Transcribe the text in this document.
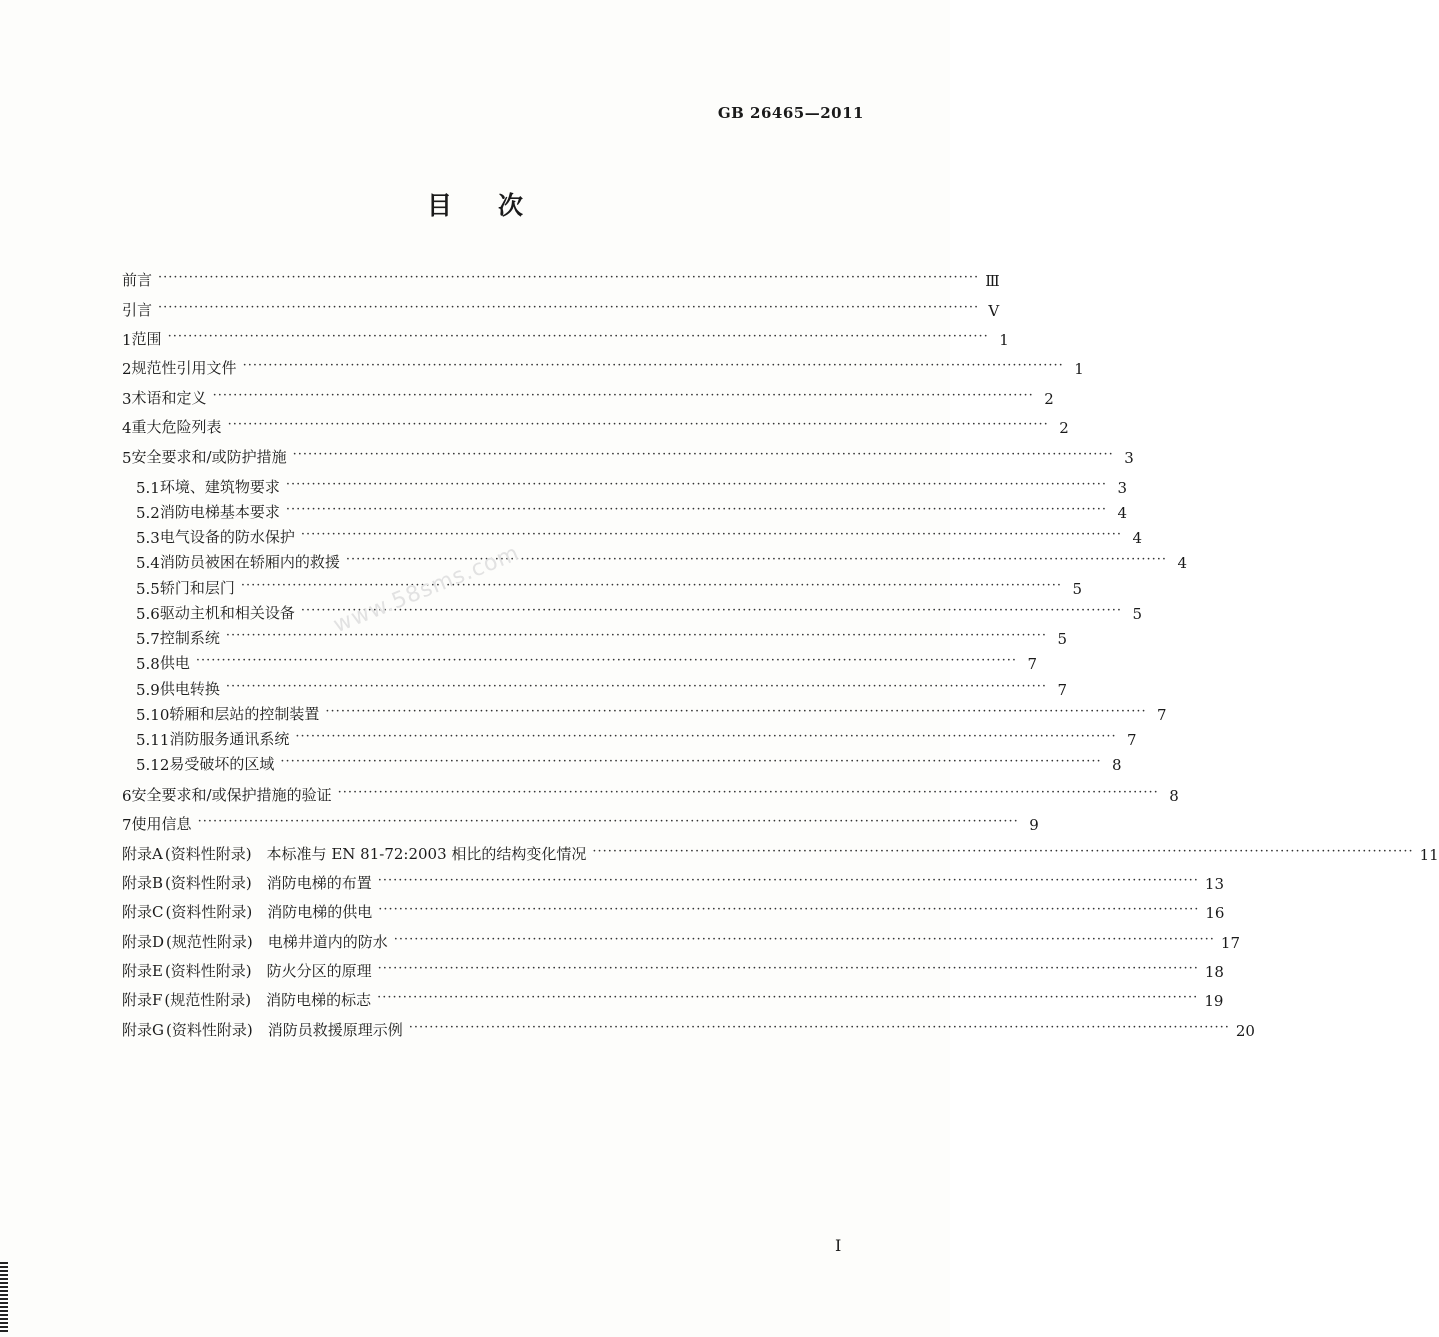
GB 26465—2011
目次
前言 ································································································································································ Ⅲ
引言 ································································································································································ Ⅴ
1 范围 ································································································································································ 1
2 规范性引用文件 ································································································································································ 1
3 术语和定义 ································································································································································ 2
4 重大危险列表 ································································································································································ 2
5 安全要求和/或防护措施 ································································································································································ 3
5.1 环境、建筑物要求 ································································································································································ 3
5.2 消防电梯基本要求 ································································································································································ 4
5.3 电气设备的防水保护 ································································································································································ 4
5.4 消防员被困在轿厢内的救援 ································································································································································ 4
5.5 轿门和层门 ································································································································································ 5
5.6 驱动主机和相关设备 ································································································································································ 5
5.7 控制系统 ································································································································································ 5
5.8 供电 ································································································································································ 7
5.9 供电转换 ································································································································································ 7
5.10 轿厢和层站的控制装置 ································································································································································ 7
5.11 消防服务通讯系统 ································································································································································ 7
5.12 易受破坏的区域 ································································································································································ 8
6 安全要求和/或保护措施的验证 ································································································································································ 8
7 使用信息 ································································································································································ 9
附录A (资料性附录)　本标准与 EN 81-72:2003 相比的结构变化情况 ································································································································································ 11
附录B (资料性附录)　消防电梯的布置 ································································································································································ 13
附录C (资料性附录)　消防电梯的供电 ································································································································································ 16
附录D (规范性附录)　电梯井道内的防水 ································································································································································ 17
附录E (资料性附录)　防火分区的原理 ································································································································································ 18
附录F (规范性附录)　消防电梯的标志 ································································································································································ 19
附录G (资料性附录)　消防员救援原理示例 ································································································································································ 20
www.58sms.com
Ⅰ
